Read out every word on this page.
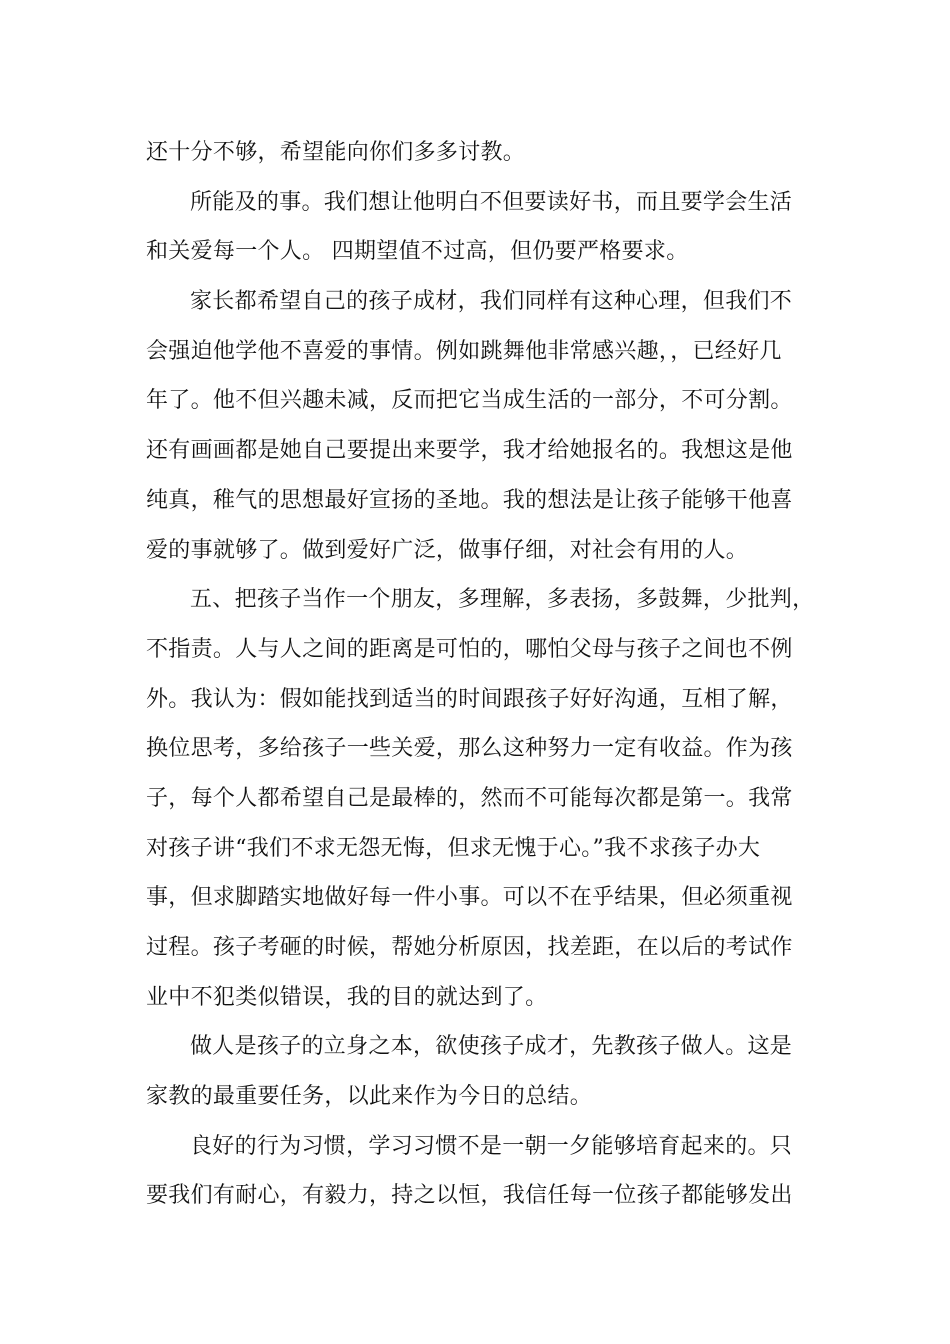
还十分不够，希望能向你们多多讨教。
所能及的事。我们想让他明白不但要读好书，而且要学会生活
和关爱每一个人。 四期望值不过高，但仍要严格要求。
家长都希望自己的孩子成材，我们同样有这种心理，但我们不
会强迫他学他不喜爱的事情。例如跳舞他非常感兴趣，，已经好几
年了。他不但兴趣未减，反而把它当成生活的一部分，不可分割。
还有画画都是她自己要提出来要学，我才给她报名的。我想这是他
纯真，稚气的思想最好宣扬的圣地。我的想法是让孩子能够干他喜
爱的事就够了。做到爱好广泛，做事仔细，对社会有用的人。
五、把孩子当作一个朋友，多理解，多表扬，多鼓舞，少批判，
不指责。人与人之间的距离是可怕的，哪怕父母与孩子之间也不例
外。我认为：假如能找到适当的时间跟孩子好好沟通，互相了解，
换位思考，多给孩子一些关爱，那么这种努力一定有收益。作为孩
子，每个人都希望自己是最棒的，然而不可能每次都是第一。我常
对孩子讲“我们不求无怨无悔，但求无愧于心。”我不求孩子办大
事，但求脚踏实地做好每一件小事。可以不在乎结果，但必须重视
过程。孩子考砸的时候，帮她分析原因，找差距，在以后的考试作
业中不犯类似错误，我的目的就达到了。
做人是孩子的立身之本，欲使孩子成才，先教孩子做人。这是
家教的最重要任务，以此来作为今日的总结。
良好的行为习惯，学习习惯不是一朝一夕能够培育起来的。只
要我们有耐心，有毅力，持之以恒，我信任每一位孩子都能够发出
